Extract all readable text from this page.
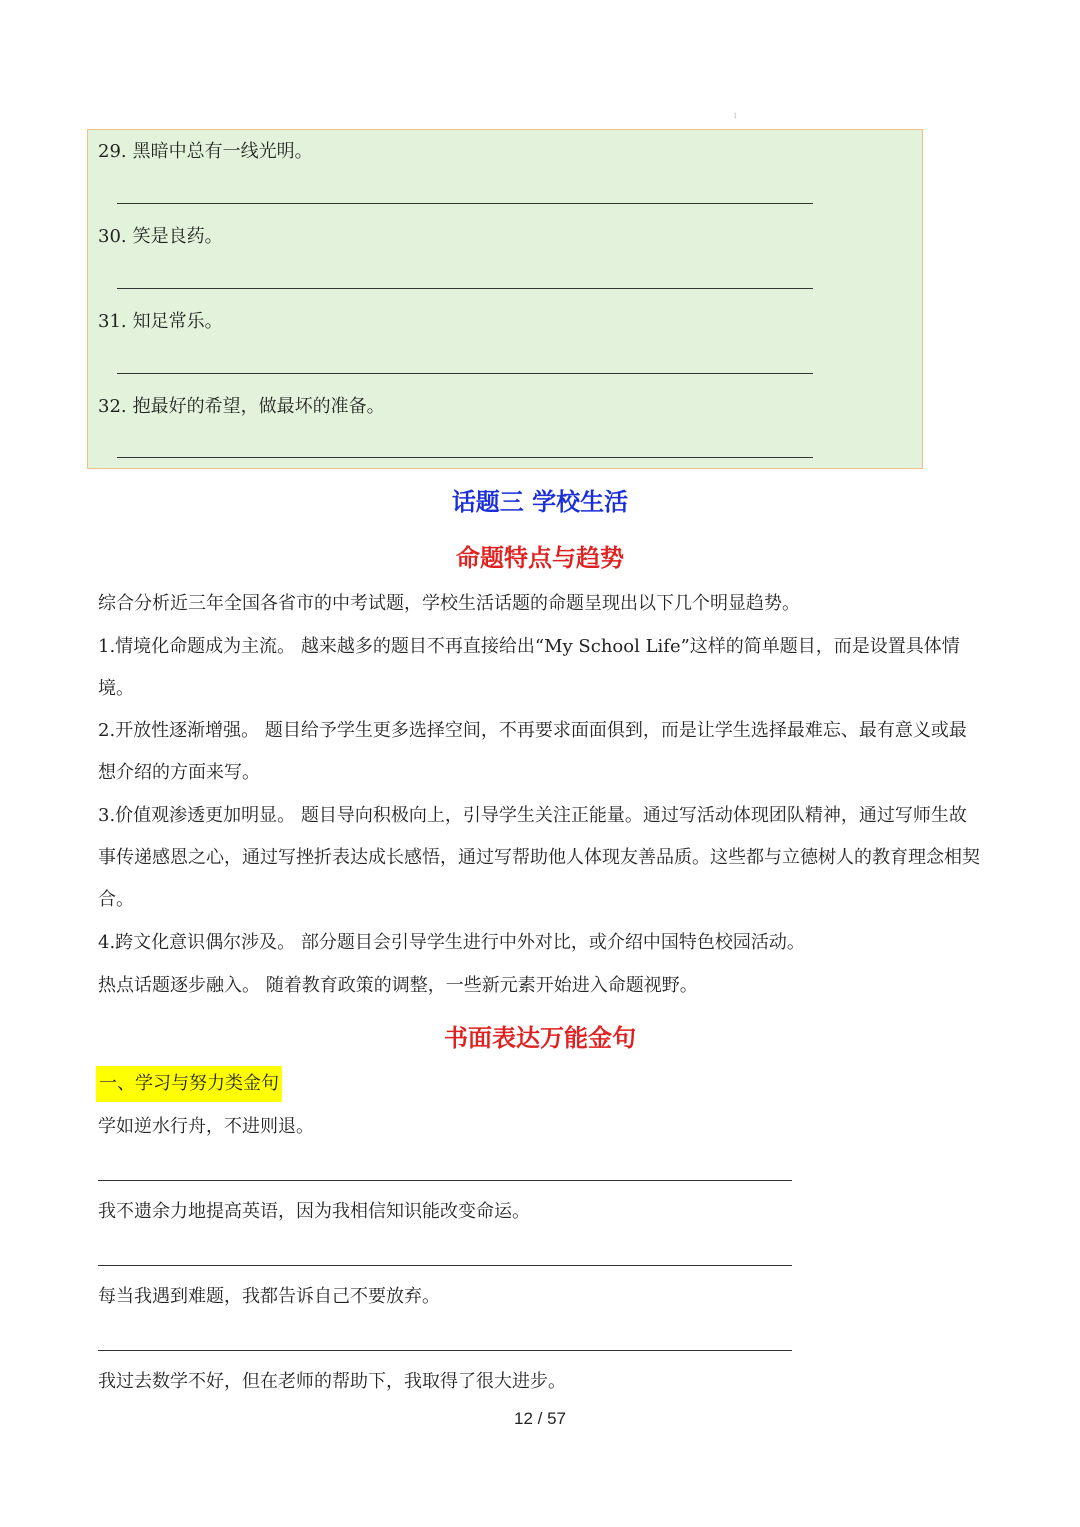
1
29. 黑暗中总有一线光明。
30. 笑是良药。
31. 知足常乐。
32. 抱最好的希望，做最坏的准备。
话题三 学校生活
命题特点与趋势
综合分析近三年全国各省市的中考试题，学校生活话题的命题呈现出以下几个明显趋势。
1.情境化命题成为主流。 越来越多的题目不再直接给出“My School Life”这样的简单题目，而是设置具体情境。
2.开放性逐渐增强。 题目给予学生更多选择空间，不再要求面面俱到，而是让学生选择最难忘、最有意义或最想介绍的方面来写。
3.价值观渗透更加明显。 题目导向积极向上，引导学生关注正能量。通过写活动体现团队精神，通过写师生故事传递感恩之心，通过写挫折表达成长感悟，通过写帮助他人体现友善品质。这些都与立德树人的教育理念相契合。
4.跨文化意识偶尔涉及。 部分题目会引导学生进行中外对比，或介绍中国特色校园活动。
热点话题逐步融入。 随着教育政策的调整，一些新元素开始进入命题视野。
书面表达万能金句
一、学习与努力类金句
学如逆水行舟，不进则退。
我不遗余力地提高英语，因为我相信知识能改变命运。
每当我遇到难题，我都告诉自己不要放弃。
我过去数学不好，但在老师的帮助下，我取得了很大进步。
12 / 57
